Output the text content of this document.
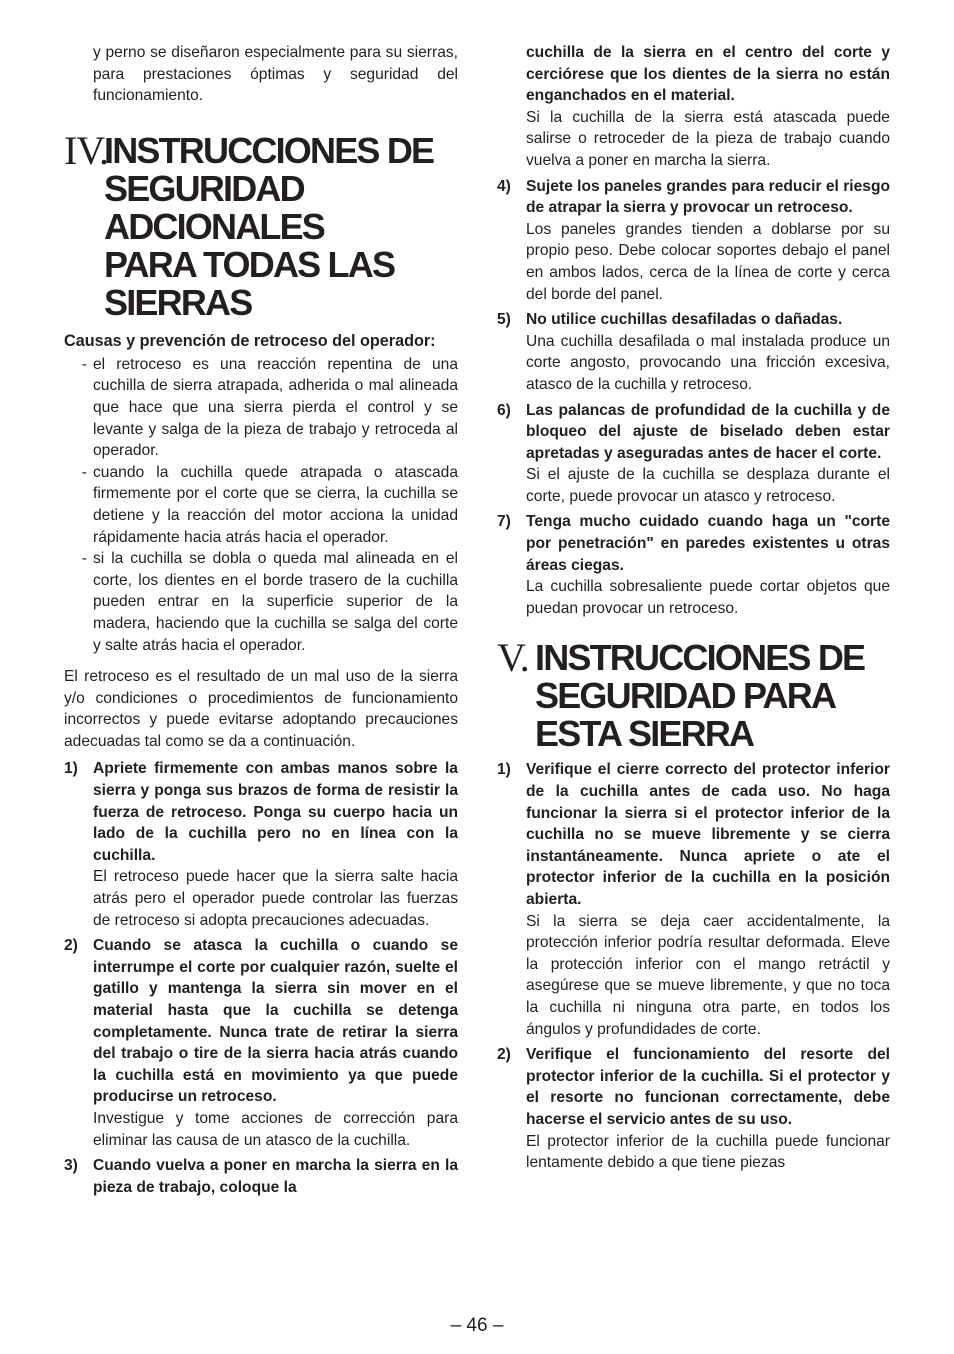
y perno se diseñaron especialmente para su sierras, para prestaciones óptimas y seguridad del funcionamiento.

IV.
INSTRUCCIONES DE
SEGURIDAD ADCIONALES
PARA TODAS LAS SIERRAS
Causas y prevención de retroceso del operador:
- el retroceso es una reacción repentina de una cuchilla de sierra atrapada, adherida o mal alineada que hace que una sierra pierda el control y se levante y salga de la pieza de trabajo y retroceda al operador.

- cuando la cuchilla quede atrapada o atascada firmemente por el corte que se cierra, la cuchilla se detiene y la reacción del motor acciona la unidad rápidamente hacia atrás hacia el operador.

- si la cuchilla se dobla o queda mal alineada en el corte, los dientes en el borde trasero de la cuchilla pueden entrar en la superficie superior de la madera, haciendo que la cuchilla se salga del corte y salte atrás hacia el operador.

El retroceso es el resultado de un mal uso de la sierra y/o condiciones o procedimientos de funcionamiento incorrectos y puede evitarse adoptando precauciones adecuadas tal como se da a continuación.

1) Apriete firmemente con ambas manos sobre la sierra y ponga sus brazos de forma de resistir la fuerza de retroceso. Ponga su cuerpo hacia un lado de la cuchilla pero no en línea con la cuchilla.

El retroceso puede hacer que la sierra salte hacia atrás pero el operador puede controlar las fuerzas de retroceso si adopta precauciones adecuadas.

2) Cuando se atasca la cuchilla o cuando se interrumpe el corte por cualquier razón, suelte el gatillo y mantenga la sierra sin mover en el material hasta que la cuchilla se detenga completamente. Nunca trate de retirar la sierra del trabajo o tire de la sierra hacia atrás cuando la cuchilla está en movimiento ya que puede producirse un retroceso.

Investigue y tome acciones de corrección para eliminar las causa de un atasco de la cuchilla.

3) Cuando vuelva a poner en marcha la sierra en la pieza de trabajo, coloque la

cuchilla de la sierra en el centro del corte y cerciórese que los dientes de la sierra no están enganchados en el material.

Si la cuchilla de la sierra está atascada puede salirse o retroceder de la pieza de trabajo cuando vuelva a poner en marcha la sierra.

4) Sujete los paneles grandes para reducir el riesgo de atrapar la sierra y provocar un retroceso.

Los paneles grandes tienden a doblarse por su propio peso. Debe colocar soportes debajo el panel en ambos lados, cerca de la línea de corte y cerca del borde del panel.

5) No utilice cuchillas desafiladas o dañadas.

Una cuchilla desafilada o mal instalada produce un corte angosto, provocando una fricción excesiva, atasco de la cuchilla y retroceso.

6) Las palancas de profundidad de la cuchilla y de bloqueo del ajuste de biselado deben estar apretadas y aseguradas antes de hacer el corte.

Si el ajuste de la cuchilla se desplaza durante el corte, puede provocar un atasco y retroceso.

7) Tenga mucho cuidado cuando haga un "corte por penetración" en paredes existentes u otras áreas ciegas.

La cuchilla sobresaliente puede cortar objetos que puedan provocar un retroceso.

V. INSTRUCCIONES DE
SEGURIDAD PARA
ESTA SIERRA
1) Verifique el cierre correcto del protector inferior de la cuchilla antes de cada uso. No haga funcionar la sierra si el protector inferior de la cuchilla no se mueve libremente y se cierra instantáneamente. Nunca apriete o ate el protector inferior de la cuchilla en la posición abierta.

Si la sierra se deja caer accidentalmente, la protección inferior podría resultar deformada. Eleve la protección inferior con el mango retráctil y asegúrese que se mueve libremente, y que no toca la cuchilla ni ninguna otra parte, en todos los ángulos y profundidades de corte.

2) Verifique el funcionamiento del resorte del protector inferior de la cuchilla. Si el protector y el resorte no funcionan correctamente, debe hacerse el servicio antes de su uso.

El protector inferior de la cuchilla puede funcionar lentamente debido a que tiene piezas

– 46 –
